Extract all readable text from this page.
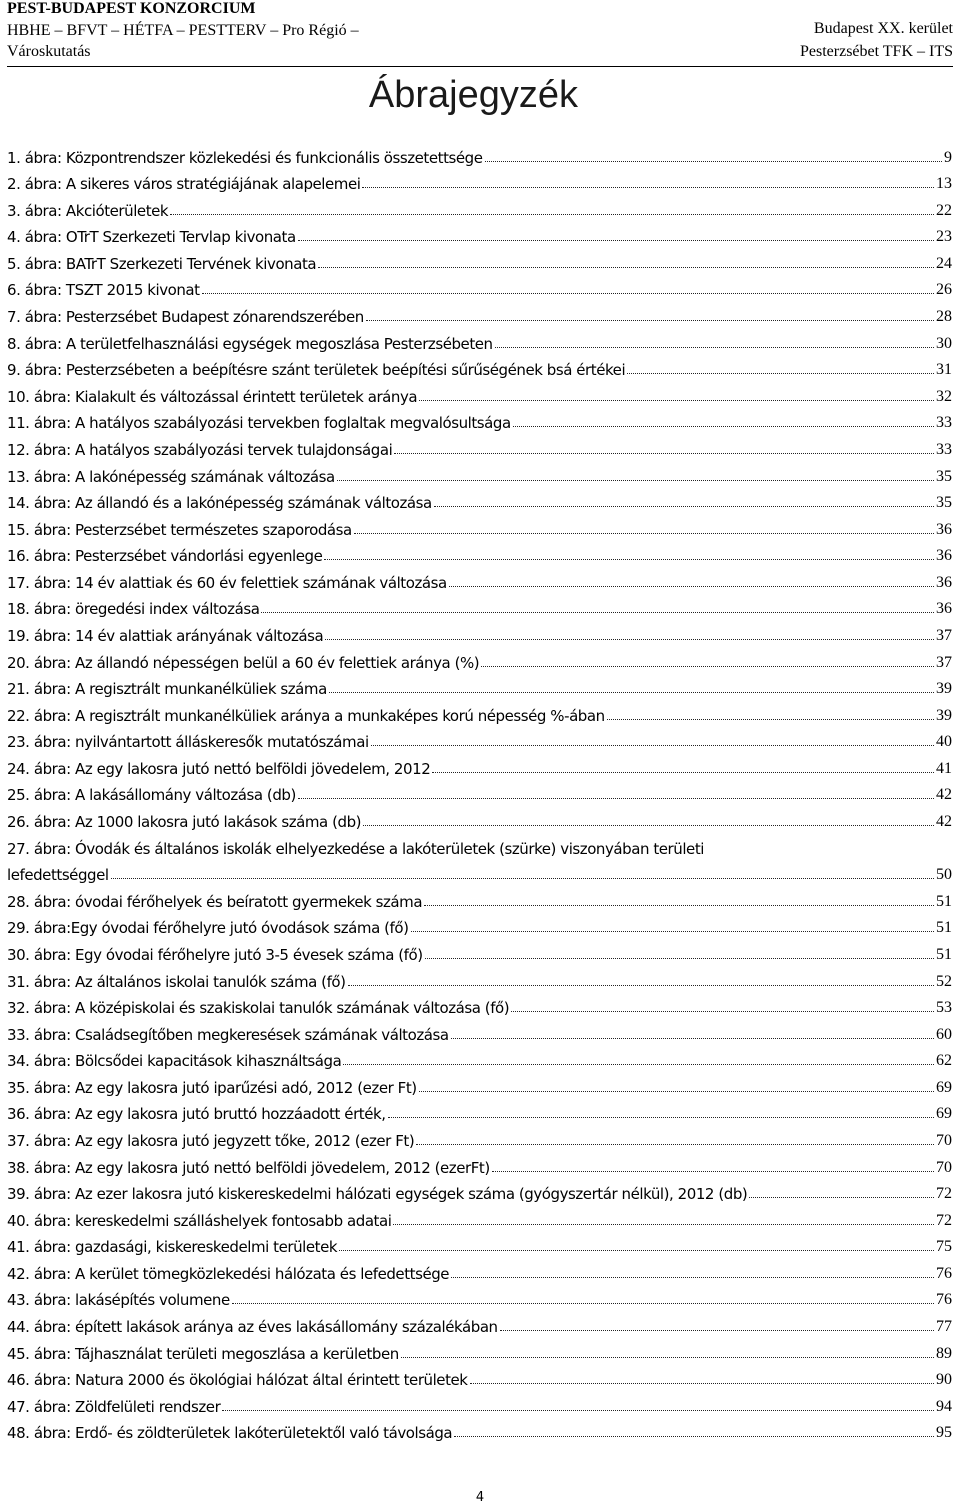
PEST-BUDAPEST KONZORCIUM
HBHE – BFVT – HÉTFA – PESTTERV – Pro Régió –
Városkutatás
Budapest XX. kerület
Pesterzsébet TFK – ITS
Ábrajegyzék
1. ábra: Központrendszer közlekedési és funkcionális összetettsége	9
2. ábra: A sikeres város stratégiájának alapelemei	13
3. ábra: Akcióterületek	22
4. ábra: OTrT Szerkezeti Tervlap kivonata	23
5. ábra: BATrT Szerkezeti Tervének kivonata	24
6. ábra: TSZT 2015 kivonat	26
7. ábra: Pesterzsébet Budapest zónarendszerében	28
8. ábra: A területfelhasználási egységek megoszlása Pesterzsébeten	30
9. ábra: Pesterzsébeten a beépítésre szánt területek beépítési sűrűségének bsá értékei	31
10. ábra: Kialakult és változással érintett területek aránya	32
11. ábra: A hatályos szabályozási tervekben foglaltak megvalósultsága	33
12. ábra: A hatályos szabályozási tervek tulajdonságai	33
13. ábra: A lakónépesség számának változása	35
14. ábra: Az állandó és a lakónépesség számának változása	35
15. ábra: Pesterzsébet természetes szaporodása	36
16. ábra: Pesterzsébet vándorlási egyenlege	36
17. ábra: 14 év alattiak és 60 év felettiek számának változása	36
18. ábra: öregedési index változása	36
19. ábra: 14 év alattiak arányának változása	37
20. ábra: Az állandó népességen belül a 60 év felettiek aránya (%)	37
21. ábra: A regisztrált munkanélküliek száma	39
22. ábra: A regisztrált munkanélküliek aránya a munkaképes korú népesség %-ában	39
23. ábra: nyilvántartott álláskeresők mutatószámai	40
24. ábra: Az egy lakosra jutó nettó belföldi jövedelem, 2012	41
25. ábra: A lakásállomány változása (db)	42
26. ábra: Az 1000 lakosra jutó lakások száma (db)	42
27. ábra: Óvodák és általános iskolák elhelyezkedése a lakóterületek (szürke) viszonyában területi
lefedettséggel	50
28. ábra: óvodai férőhelyek és beíratott gyermekek száma	51
29. ábra:Egy óvodai férőhelyre jutó óvodások száma (fő)	51
30. ábra: Egy óvodai férőhelyre jutó 3-5 évesek száma (fő)	51
31. ábra: Az általános iskolai tanulók száma (fő)	52
32. ábra: A középiskolai és szakiskolai tanulók számának változása (fő)	53
33. ábra: Családsegítőben megkeresések számának változása	60
34. ábra: Bölcsődei kapacitások kihasználtsága	62
35. ábra: Az egy lakosra jutó iparűzési adó, 2012 (ezer Ft)	69
36. ábra: Az egy lakosra jutó bruttó hozzáadott érték,	69
37. ábra: Az egy lakosra jutó jegyzett tőke, 2012 (ezer Ft)	70
38. ábra: Az egy lakosra jutó nettó belföldi jövedelem, 2012 (ezerFt)	70
39. ábra: Az ezer lakosra jutó kiskereskedelmi hálózati egységek száma (gyógyszertár nélkül), 2012 (db)	72
40. ábra: kereskedelmi szálláshelyek fontosabb adatai	72
41. ábra: gazdasági, kiskereskedelmi területek	75
42. ábra: A kerület tömegközlekedési hálózata és lefedettsége	76
43. ábra: lakásépítés volumene	76
44. ábra: épített lakások aránya az éves lakásállomány százalékában	77
45. ábra: Tájhasználat területi megoszlása a kerületben	89
46. ábra: Natura 2000 és ökológiai hálózat által érintett területek	90
47. ábra: Zöldfelületi rendszer	94
48. ábra: Erdő- és zöldterületek lakóterületektől való távolsága	95
4
